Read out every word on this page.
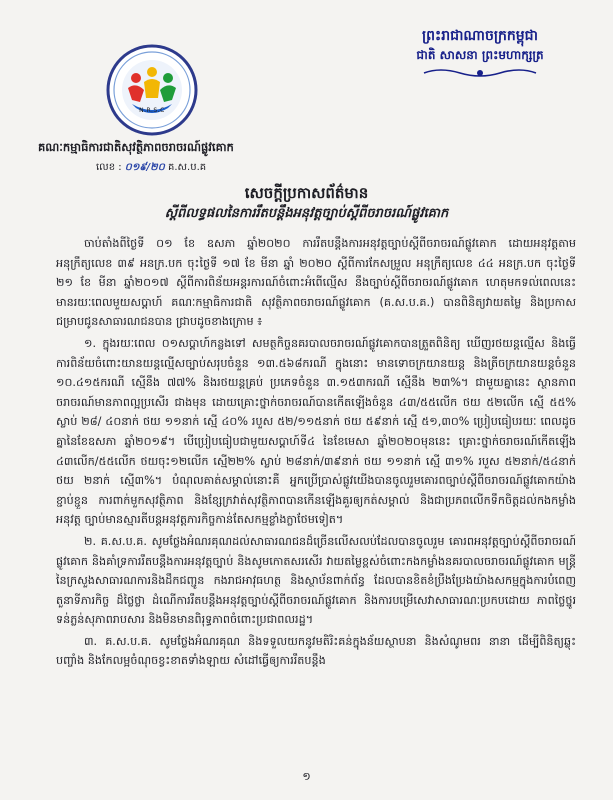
N.R.S.C
ព្រះរាជាណាចក្រកម្ពុជា
ជាតិ សាសនា ព្រះមហាក្សត្រ
គណៈកម្មាធិការជាតិសុវត្ថិភាពចរាចរណ៍ផ្លូវគោក
លេខ : ០១៩/២០ គ.ស.ប.គ
សេចក្តីប្រកាសព័ត៌មាន
ស្តីពីលទ្ធផលនៃការរឹតបន្តឹងអនុវត្តច្បាប់ស្តីពីចរាចរណ៍ផ្លូវគោក

ចាប់តាំងពីថ្ងៃទី ០១ ខែ ឧសភា ឆ្នាំ២០២០ ការរឹតបន្តឹងការអនុវត្តច្បាប់ស្តីពីចរាចរណ៍ផ្លូវគោក ដោយអនុវត្តតាមអនុក្រឹត្យលេខ ៣៩ អនក្រ.បក ចុះថ្ងៃទី ១៧ ខែ មីនា ឆ្នាំ ២០២០ ស្តីពីការកែសម្រួល អនុក្រឹត្យលេខ ៤៤ អនក្រ.បក ចុះថ្ងៃទី ២១ ខែ មីនា ឆ្នាំ២០១៧ ស្តីពីការពិន័យអន្តរការណ៍ចំពោះអំពើល្មើស នឹងច្បាប់ស្តីពីចរាចរណ៍ផ្លូវគោក ហេតុមកទល់ពេលនេះមានរយៈពេលមួយសប្តាហ៍ គណៈកម្មាធិការជាតិ សុវត្ថិភាពចរាចរណ៍ផ្លូវគោក (គ.ស.ប.គ.) បានពិនិត្យវាយតម្លៃ និងប្រកាសជម្រាបជូនសាធារណជនបាន ជ្រាបដូចខាងក្រោម ៖

១. ក្នុងរយៈពេល ០១សប្តាហ៍កន្លងទៅ សមត្ថកិច្ចនគរបាលចរាចរណ៍ផ្លូវគោកបានត្រួតពិនិត្យ ឃើញរថយន្តល្មើស និងធ្វើការពិន័យចំពោះយានយន្តល្មើសច្បាប់សរុបចំនួន ១៣.៥៦៨ករណី ក្នុងនោះ មានទោចក្រយានយន្ត និងត្រីចក្រយានយន្តចំនួន ១០.៤១៥ករណី ស្មើនឹង ៧៧% និងរថយន្តគ្រប់ ប្រភេទចំនួន ៣.១៥៣ករណី ស្មើនឹង ២៣%។ ជាមួយគ្នានេះ ស្ថានភាពចរាចរណ៍មានភាពល្អប្រសើរ ជាងមុន ដោយគ្រោះថ្នាក់ចរាចរណ៍បានកើតឡើងចំនួន ៤៣/៥៥លើក ថយ ៥២លើក ស្មើ ៥៥% ស្លាប់ ២៨/ ៤០នាក់ ថយ ១១នាក់ ស្មើ ៤០% របួស ៥២/១១៥នាក់ ថយ ៥៩នាក់ ស្មើ ៥១,៣០% ប្រៀបធៀបរយៈ ពេលដូចគ្នានៃខែឧសភា ឆ្នាំ២០១៩។ បើប្រៀបធៀបជាមួយសប្តាហ៍ទី៤ នៃខែមេសា ឆ្នាំ២០២០មុននេះ គ្រោះថ្នាក់ចរាចរណ៍កើតឡើង ៤៣លើក/៥៥លើក ថយចុះ១២លើក ស្មើ២២% ស្លាប់ ២៨នាក់/៣៩នាក់ ថយ ១១នាក់ ស្មើ ៣១% របួស ៥២នាក់/៥៤នាក់ ថយ ២នាក់ ស្មើ៣%។ បំណុលគាត់សម្គាល់នោះគឺ អ្នកប្រើប្រាស់ផ្លូវយើងបានចូលរួមគោរពច្បាប់ស្តីពីចរាចរណ៍ផ្លូវគោកយ៉ាងខ្ជាប់ខ្ជួន ការពាក់មួកសុវត្ថិភាព និងខ្សែក្រវាត់សុវត្ថិភាពបានកើនឡើងគួរឲ្យកត់សម្គាល់ និងជាប្រភពលើកទឹកចិត្តដល់កងកម្លាំងអនុវត្ត ច្បាប់មានស្មារតីបន្តអនុវត្តភារកិច្ចកាន់តែសកម្មខ្លាំងក្លាថែមទៀត។

២. គ.ស.ប.គ. សូមថ្លែងអំណរគុណដល់សាធារណជនដ៏ច្រើនលើសលប់ដែលបានចូលរួម គោរពអនុវត្តច្បាប់ស្តីពីចរាចរណ៍ផ្លូវគោក និងគាំទ្រការរឹតបន្តឹងការអនុវត្តច្បាប់ និងសូមកោតសរសើរ វាយតម្លៃខ្ពស់ចំពោះកងកម្លាំងនគរបាលចរាចរណ៍ផ្លូវគោក មន្ត្រីនៃក្រសួងសាធារណការនិងដឹកជញ្ជូន កងរាជអាវុធហត្ថ និងស្ថាប័នពាក់ព័ន្ធ ដែលបានខិតខំប្រឹងប្រែងយ៉ាងសកម្មក្នុងការបំពេញតួនាទីភារកិច្ច ដ៏ថ្លៃថ្លា ដំណើការរឹតបន្តឹងអនុវត្តច្បាប់ស្តីពីចរាចរណ៍ផ្លូវគោក និងការបម្រើសេវាសាធារណៈប្រកបដោយ ភាពថ្លៃថ្នូរ ទន់ភ្លន់សុភាពរាបសារ និងមិនមានពិរុទ្ធភាពចំពោះប្រជាពលរដ្ឋ។

៣. គ.ស.ប.គ. សូមថ្លែងអំណរគុណ និងទទួលយកនូវមតិរិះគន់ក្នុងន័យស្ថាបនា និងសំណូមពរ នានា ដើម្បីពិនិត្យឆ្លុះបញ្ចាំង និងកែលម្អចំណុចខ្វះខាតទាំងឡាយ សំដៅធ្វើឲ្យការរឹតបន្តឹង

១
